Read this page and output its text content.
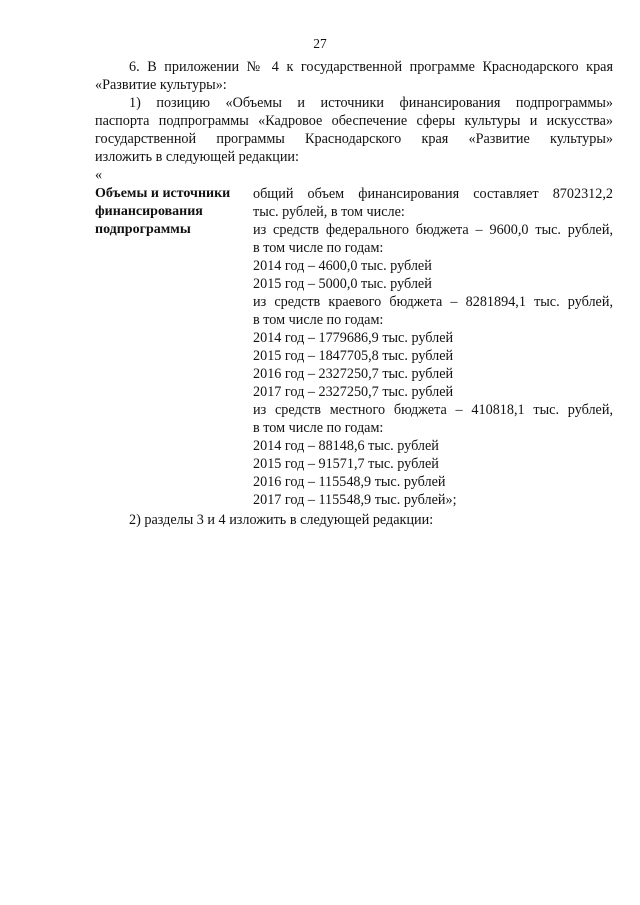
27

6. В приложении № 4 к государственной программе Краснодарского края

«Развитие культуры»:

1) позицию «Объемы и источники финансирования подпрограммы»

паспорта подпрограммы «Кадровое обеспечение сферы культуры и искусства»

государственной программы Краснодарского края «Развитие культуры»

изложить в следующей редакции:

«

Объемы и источники
финансирования
подпрограммы
общий объем финансирования составляет 8702312,2
тыс. рублей, в том числе:
из средств федерального бюджета – 9600,0 тыс. рублей,
в том числе по годам:
2014 год – 4600,0 тыс. рублей
2015 год – 5000,0 тыс. рублей
из средств краевого бюджета – 8281894,1 тыс. рублей,
в том числе по годам:
2014 год – 1779686,9 тыс. рублей
2015 год – 1847705,8 тыс. рублей
2016 год – 2327250,7 тыс. рублей
2017 год – 2327250,7 тыс. рублей
из средств местного бюджета – 410818,1 тыс. рублей,
в том числе по годам:
2014 год – 88148,6 тыс. рублей
2015 год – 91571,7 тыс. рублей
2016 год – 115548,9 тыс. рублей
2017 год – 115548,9 тыс. рублей»;

2) разделы 3 и 4 изложить в следующей редакции:
